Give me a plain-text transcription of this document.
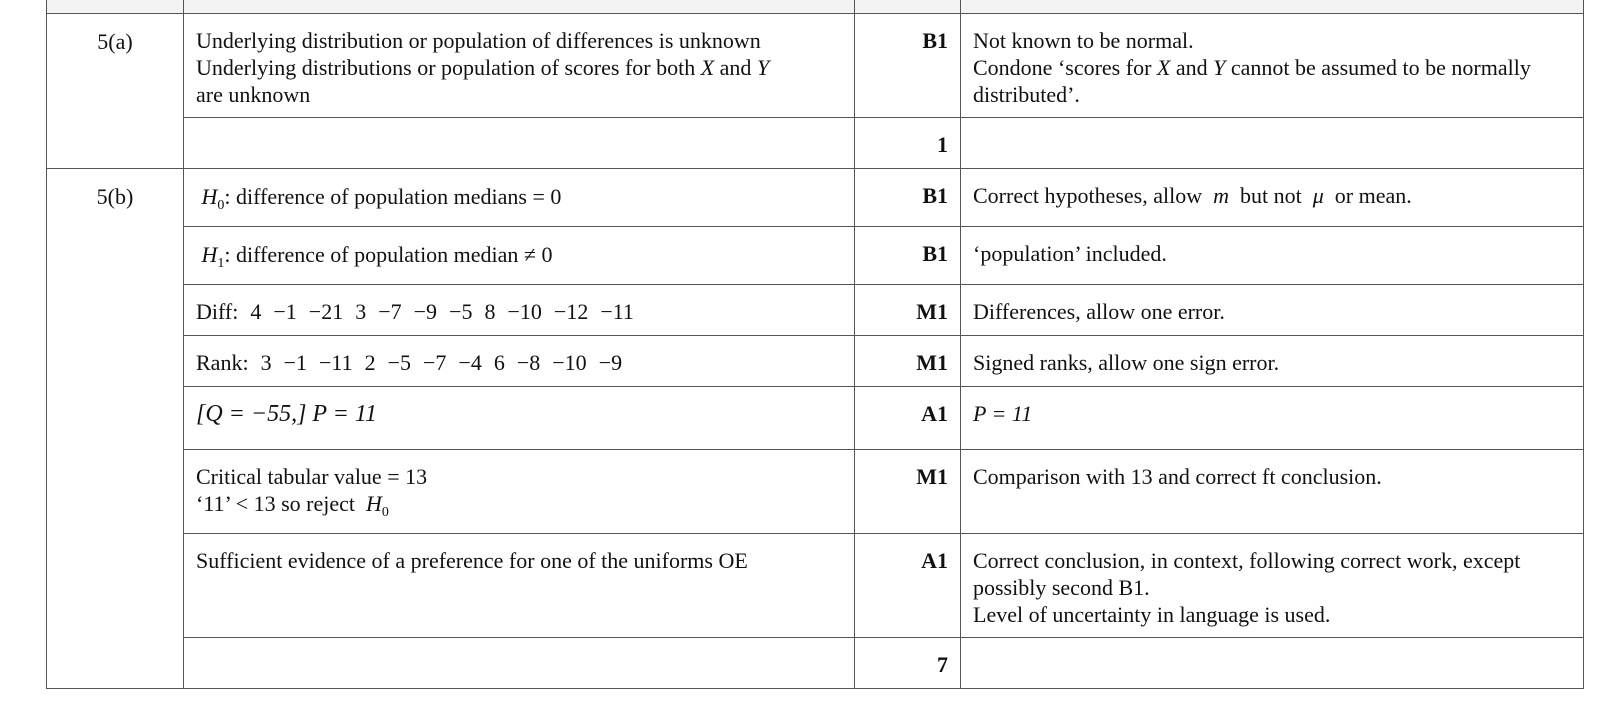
5(a)	Underlying distribution or population of differences is unknown
Underlying distributions or population of scores for both X and Y
are unknown	B1	Not known to be normal.
Condone ‘scores for X and Y cannot be assumed to be normally distributed’.
		1	
5(b)	$H_0$: difference of population medians = 0	B1	Correct hypotheses, allow m but not μ or mean.
	$H_1$: difference of population median ≠ 0	B1	‘population’ included.
	Diff: 4 −1 −21 3 −7 −9 −5 8 −10 −12 −11	M1	Differences, allow one error.
	Rank: 3 −1 −11 2 −5 −7 −4 6 −8 −10 −9	M1	Signed ranks, allow one sign error.
	[Q = −55,] P = 11	A1	P = 11

	Critical tabular value = 13
‘11’ < 13 so reject $H_0$	M1	Comparison with 13 and correct ft conclusion.
	Sufficient evidence of a preference for one of the uniforms OE	A1	Correct conclusion, in context, following correct work, except possibly second B1.
Level of uncertainty in language is used.

		7	
